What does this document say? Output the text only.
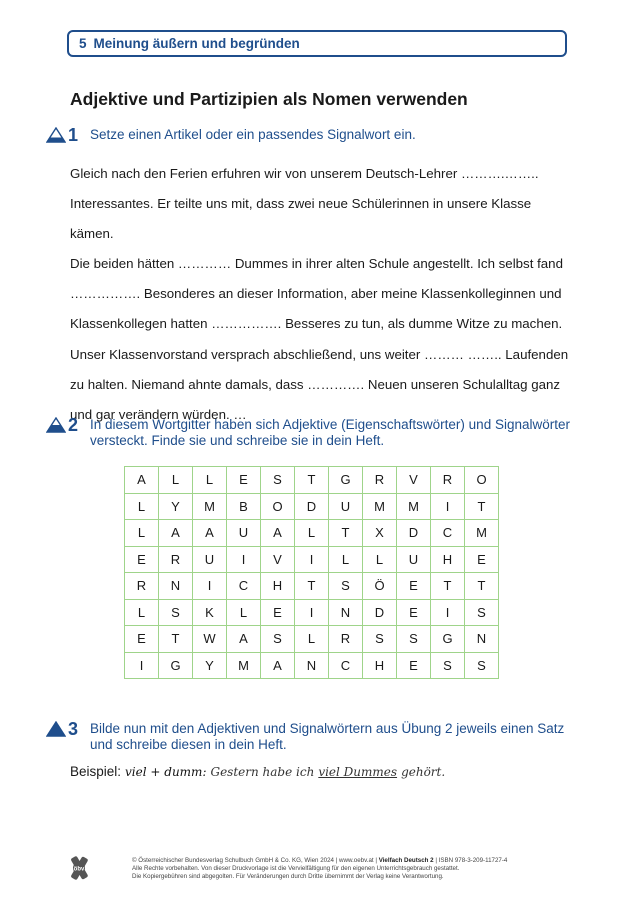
5 Meinung äußern und begründen
Adjektive und Partizipien als Nomen verwenden
1 Setze einen Artikel oder ein passendes Signalwort ein.
Gleich nach den Ferien erfuhren wir von unserem Deutsch-Lehrer ……….……..
Interessantes. Er teilte uns mit, dass zwei neue Schülerinnen in unsere Klasse kämen.
Die beiden hätten ………… Dummes in ihrer alten Schule angestellt. Ich selbst fand
……………. Besonderes an dieser Information, aber meine Klassenkolleginnen und
Klassenkollegen hatten ……………. Besseres zu tun, als dumme Witze zu machen.
Unser Klassenvorstand versprach abschließend, uns weiter ……… …….. Laufenden
zu halten. Niemand ahnte damals, dass …………. Neuen unseren Schulalltag ganz
und gar verändern würden. …
2 In diesem Wortgitter haben sich Adjektive (Eigenschaftswörter) und Signalwörter versteckt. Finde sie und schreibe sie in dein Heft.
A	L	L	E	S	T	G	R	V	R	O
L	Y	M	B	O	D	U	M	M	I	T
L	A	A	U	A	L	T	X	D	C	M
E	R	U	I	V	I	L	L	U	H	E
R	N	I	C	H	T	S	Ö	E	T	T
L	S	K	L	E	I	N	D	E	I	S
E	T	W	A	S	L	R	S	S	G	N
I	G	Y	M	A	N	C	H	E	S	S
3 Bilde nun mit den Adjektiven und Signalwörtern aus Übung 2 jeweils einen Satz und schreibe diesen in dein Heft.
Beispiel: viel + dumm: Gestern habe ich viel Dummes gehört.
öbv
© Österreichischer Bundesverlag Schulbuch GmbH & Co. KG, Wien 2024 | www.oebv.at | Vielfach Deutsch 2 | ISBN 978-3-209-11727-4
Alle Rechte vorbehalten. Von dieser Druckvorlage ist die Vervielfältigung für den eigenen Unterrichtsgebrauch gestattet.
Die Kopiergebühren sind abgegolten. Für Veränderungen durch Dritte übernimmt der Verlag keine Verantwortung.
